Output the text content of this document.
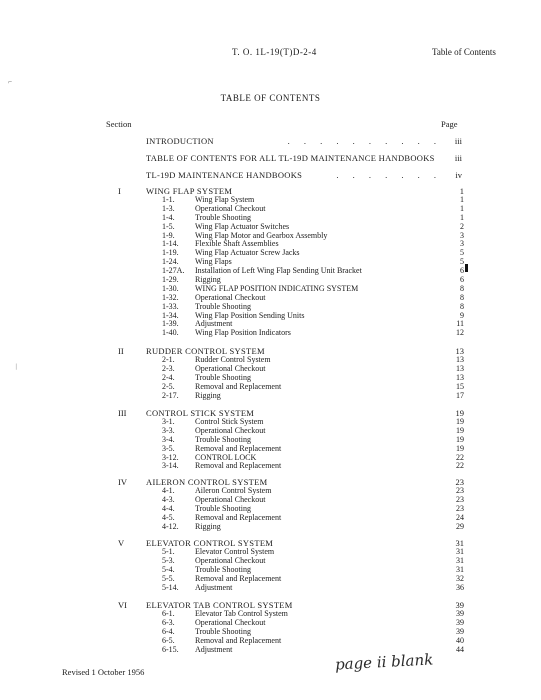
T. O. 1L-19(T)D-2-4	Table of Contents
TABLE OF CONTENTS
Section	Page
INTRODUCTION	. . . . . . . . . . iii
TABLE OF CONTENTS FOR ALL TL-19D MAINTENANCE HANDBOOKS iii
TL-19D MAINTENANCE HANDBOOKS	. . . . . . . iv
I	WING FLAP SYSTEM	1
1-1.	Wing Flap System	1
1-3.	Operational Checkout	1
1-4.	Trouble Shooting	1
1-5.	Wing Flap Actuator Switches	2
1-9.	Wing Flap Motor and Gearbox Assembly	3
1-14. Flexible Shaft Assemblies	3
1-19. Wing Flap Actuator Screw Jacks	5
1-24. Wing Flaps	5
1-27A. Installation of Left Wing Flap Sending Unit Bracket	6
1-29. Rigging	6
1-30. WING FLAP POSITION INDICATING SYSTEM	8
1-32. Operational Checkout	8
1-33. Trouble Shooting	8
1-34. Wing Flap Position Sending Units	9
1-39. Adjustment	11
1-40. Wing Flap Position Indicators	12
II	RUDDER CONTROL SYSTEM	13
2-1.	Rudder Control System	13
2-3.	Operational Checkout	13
2-4.	Trouble Shooting	13
2-5.	Removal and Replacement	15
2-17. Rigging	17
III CONTROL STICK SYSTEM	19
3-1.	Control Stick System	19
3-3.	Operational Checkout	19
3-4.	Trouble Shooting	19
3-5.	Removal and Replacement	19
3-12. CONTROL LOCK	22
3-14. Removal and Replacement	22
IV AILERON CONTROL SYSTEM	23
4-1.	Aileron Control System	23
4-3.	Operational Checkout	23
4-4.	Trouble Shooting	23
4-5.	Removal and Replacement	24
4-12. Rigging	29
V	ELEVATOR CONTROL SYSTEM	31
5-1.	Elevator Control System	31
5-3.	Operational Checkout	31
5-4.	Trouble Shooting	31
5-5.	Removal and Replacement	32
5-14. Adjustment	36
VI ELEVATOR TAB CONTROL SYSTEM	39
6-1.	Elevator Tab Control System	39
6-3.	Operational Checkout	39
6-4.	Trouble Shooting	39
6-5.	Removal and Replacement	40
6-15. Adjustment	44
⌐
ᛁ
Revised 1 October 1956	page ii blank
